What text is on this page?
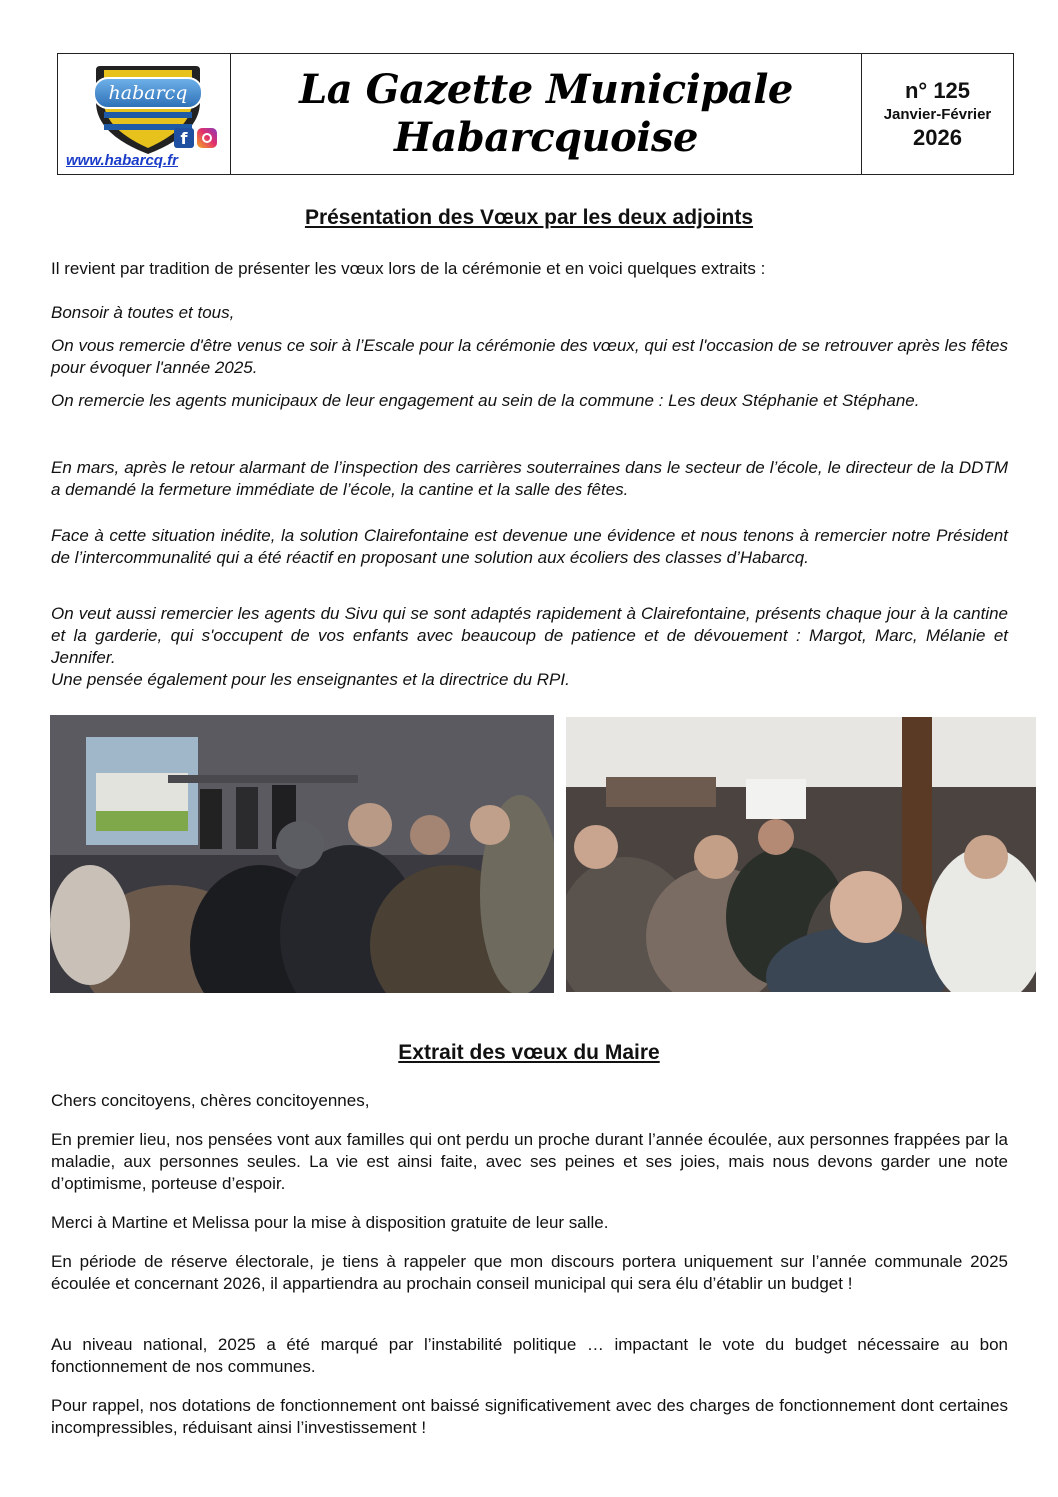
habarcq
f
www.habarcq.fr
La Gazette Municipale
Habarcquoise
n° 125
Janvier-Février
2026
Présentation des Vœux par les deux adjoints

Il revient par tradition de présenter les vœux lors de la cérémonie et en voici quelques extraits :

Bonsoir à toutes et tous,

On vous remercie d'être venus ce soir à l’Escale pour la cérémonie des vœux, qui est l'occasion de se retrouver après les fêtes pour évoquer l'année 2025.

On remercie les agents municipaux de leur engagement au sein de la commune : Les deux Stéphanie et Stéphane.

En mars, après le retour alarmant de l’inspection des carrières souterraines dans le secteur de l’école, le directeur de la DDTM a demandé la fermeture immédiate de l’école, la cantine et la salle des fêtes.

Face à cette situation inédite, la solution Clairefontaine est devenue une évidence et nous tenons à remercier notre Président de l’intercommunalité qui a été réactif en proposant une solution aux écoliers des classes d’Habarcq.

On veut aussi remercier les agents du Sivu qui se sont adaptés rapidement à Clairefontaine, présents chaque jour à la cantine et la garderie, qui s'occupent de vos enfants avec beaucoup de patience et de dévouement : Margot, Marc, Mélanie et Jennifer.

Une pensée également pour les enseignantes et la directrice du RPI.

Extrait des vœux du Maire

Chers concitoyens, chères concitoyennes,

En premier lieu, nos pensées vont aux familles qui ont perdu un proche durant l’année écoulée, aux personnes frappées par la maladie, aux personnes seules. La vie est ainsi faite, avec ses peines et ses joies, mais nous devons garder une note d’optimisme, porteuse d’espoir.

Merci à Martine et Melissa pour la mise à disposition gratuite de leur salle.

En période de réserve électorale, je tiens à rappeler que mon discours portera uniquement sur l’année communale 2025 écoulée et concernant 2026, il appartiendra au prochain conseil municipal qui sera élu d’établir un budget !

Au niveau national, 2025 a été marqué par l’instabilité politique … impactant le vote du budget nécessaire au bon fonctionnement de nos communes.

Pour rappel, nos dotations de fonctionnement ont baissé significativement avec des charges de fonctionnement dont certaines incompressibles, réduisant ainsi l’investissement !
